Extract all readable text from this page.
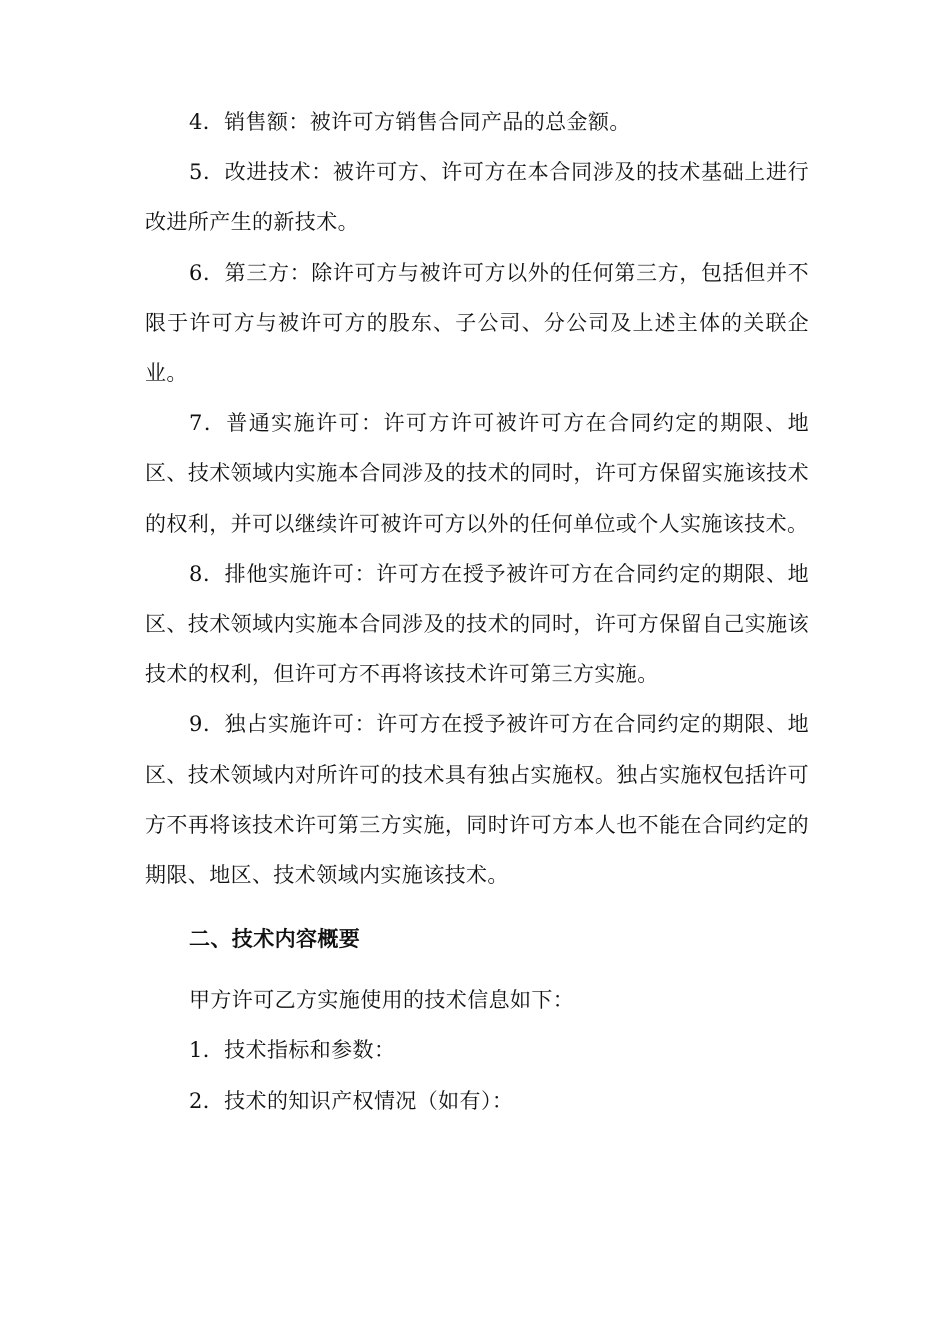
4．销售额：被许可方销售合同产品的总金额。

5．改进技术：被许可方、许可方在本合同涉及的技术基础上进行改进所产生的新技术。

6．第三方：除许可方与被许可方以外的任何第三方，包括但并不限于许可方与被许可方的股东、子公司、分公司及上述主体的关联企业。

7．普通实施许可：许可方许可被许可方在合同约定的期限、地区、技术领域内实施本合同涉及的技术的同时，许可方保留实施该技术的权利，并可以继续许可被许可方以外的任何单位或个人实施该技术。

8．排他实施许可：许可方在授予被许可方在合同约定的期限、地区、技术领域内实施本合同涉及的技术的同时，许可方保留自己实施该技术的权利，但许可方不再将该技术许可第三方实施。

9．独占实施许可：许可方在授予被许可方在合同约定的期限、地区、技术领域内对所许可的技术具有独占实施权。独占实施权包括许可方不再将该技术许可第三方实施，同时许可方本人也不能在合同约定的期限、地区、技术领域内实施该技术。

二、技术内容概要

甲方许可乙方实施使用的技术信息如下：

1．技术指标和参数：

2．技术的知识产权情况（如有）：
